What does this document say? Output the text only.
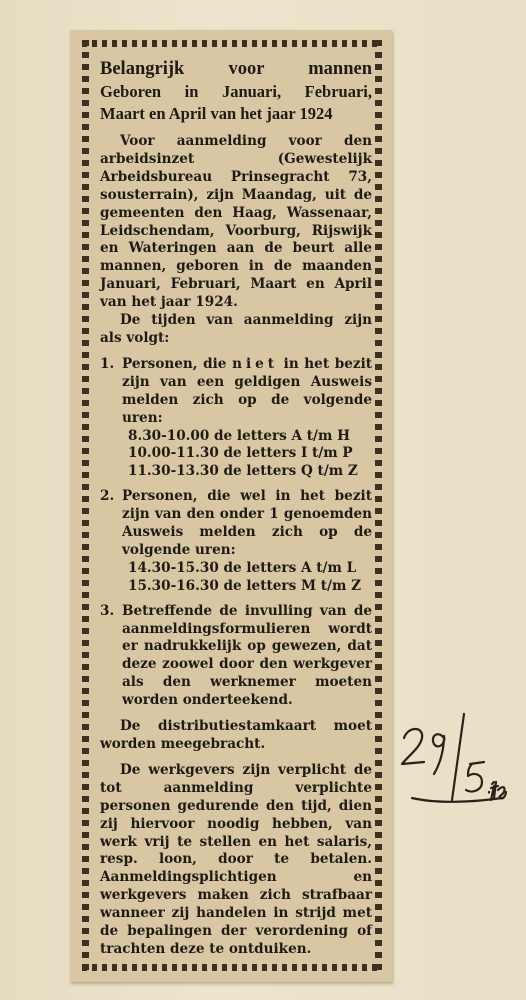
Belangrijk voor mannen

Geboren in Januari, Februari,

Maart en April van het jaar 1924

Voor aanmelding voor den arbeidsinzet (Gewestelijk Arbeidsbureau Prinsegracht 73, sousterrain), zijn Maandag, uit de gemeenten den Haag, Wassenaar, Leidschendam, Voorburg, Rijswijk en Wateringen aan de beurt alle mannen, geboren in de maanden Januari, Februari, Maart en April van het jaar 1924.

De tijden van aanmelding zijn als volgt:

1. Personen, die niet in het bezit zijn van een geldigen Ausweis melden zich op de volgende uren:

8.30-10.00 de letters A t/m H
10.00-11.30 de letters I t/m P
11.30-13.30 de letters Q t/m Z
2. Personen, die wel in het bezit zijn van den onder 1 genoemden Ausweis melden zich op de volgende uren:

14.30-15.30 de letters A t/m L
15.30-16.30 de letters M t/m Z
3. Betreffende de invulling van de aanmeldingsformulieren wordt er nadrukkelijk op gewezen, dat deze zoowel door den werkgever als den werknemer moeten worden onderteekend.

De distributiestamkaart moet worden meegebracht.

De werkgevers zijn verplicht de tot aanmelding verplichte personen gedurende den tijd, dien zij hiervoor noodig hebben, van werk vrij te stellen en het salaris, resp. loon, door te betalen. Aanmeldingsplichtigen en werkgevers maken zich strafbaar wanneer zij handelen in strijd met de bepalingen der verordening of trachten deze te ontduiken.
